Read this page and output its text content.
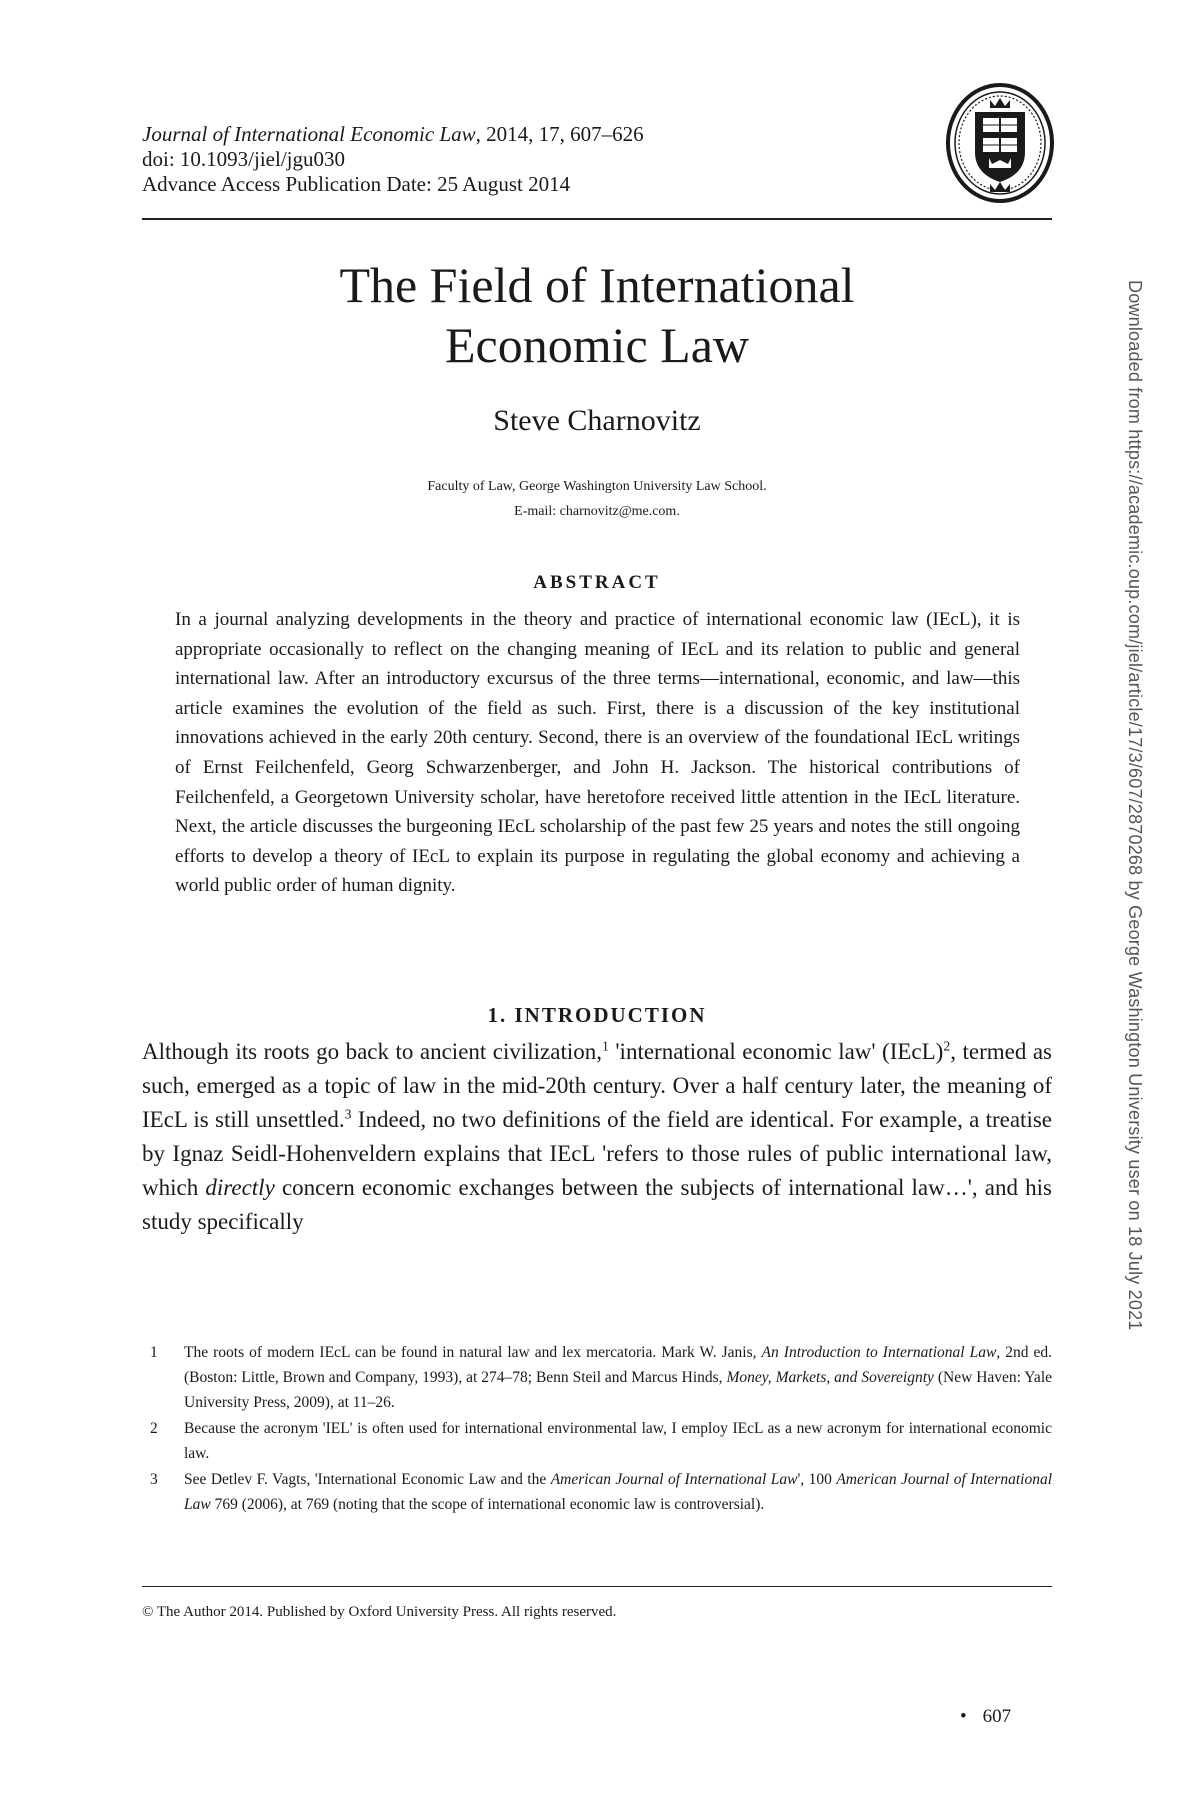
Journal of International Economic Law, 2014, 17, 607–626
doi: 10.1093/jiel/jgu030
Advance Access Publication Date: 25 August 2014
The Field of International
Economic Law
Steve Charnovitz
Faculty of Law, George Washington University Law School.
E-mail: charnovitz@me.com.
ABSTRACT

In a journal analyzing developments in the theory and practice of international economic law (IEcL), it is appropriate occasionally to reflect on the changing meaning of IEcL and its relation to public and general international law. After an introductory excursus of the three terms—international, economic, and law—this article examines the evolution of the field as such. First, there is a discussion of the key institutional innovations achieved in the early 20th century. Second, there is an overview of the foundational IEcL writings of Ernst Feilchenfeld, Georg Schwarzenberger, and John H. Jackson. The historical contributions of Feilchenfeld, a Georgetown University scholar, have heretofore received little attention in the IEcL literature. Next, the article discusses the burgeoning IEcL scholarship of the past few 25 years and notes the still ongoing efforts to develop a theory of IEcL to explain its purpose in regulating the global economy and achieving a world public order of human dignity.

1. INTRODUCTION

Although its roots go back to ancient civilization,$^1$ 'international economic law' (IEcL)$^2$, termed as such, emerged as a topic of law in the mid-20th century. Over a half century later, the meaning of IEcL is still unsettled.$^3$ Indeed, no two definitions of the field are identical. For example, a treatise by Ignaz Seidl-Hohenveldern explains that IEcL 'refers to those rules of public international law, which directly concern economic exchanges between the subjects of international law…', and his study specifically

1	The roots of modern IEcL can be found in natural law and lex mercatoria. Mark W. Janis, An Introduction to International Law, 2nd ed. (Boston: Little, Brown and Company, 1993), at 274–78; Benn Steil and Marcus Hinds, Money, Markets, and Sovereignty (New Haven: Yale University Press, 2009), at 11–26.
2	Because the acronym 'IEL' is often used for international environmental law, I employ IEcL as a new acronym for international economic law.
3	See Detlev F. Vagts, 'International Economic Law and the American Journal of International Law', 100 American Journal of International Law 769 (2006), at 769 (noting that the scope of international economic law is controversial).
© The Author 2014. Published by Oxford University Press. All rights reserved.
• 607
Downloaded from https://academic.oup.com/jiel/article/17/3/607/2870268 by George Washington University user on 18 July 2021
